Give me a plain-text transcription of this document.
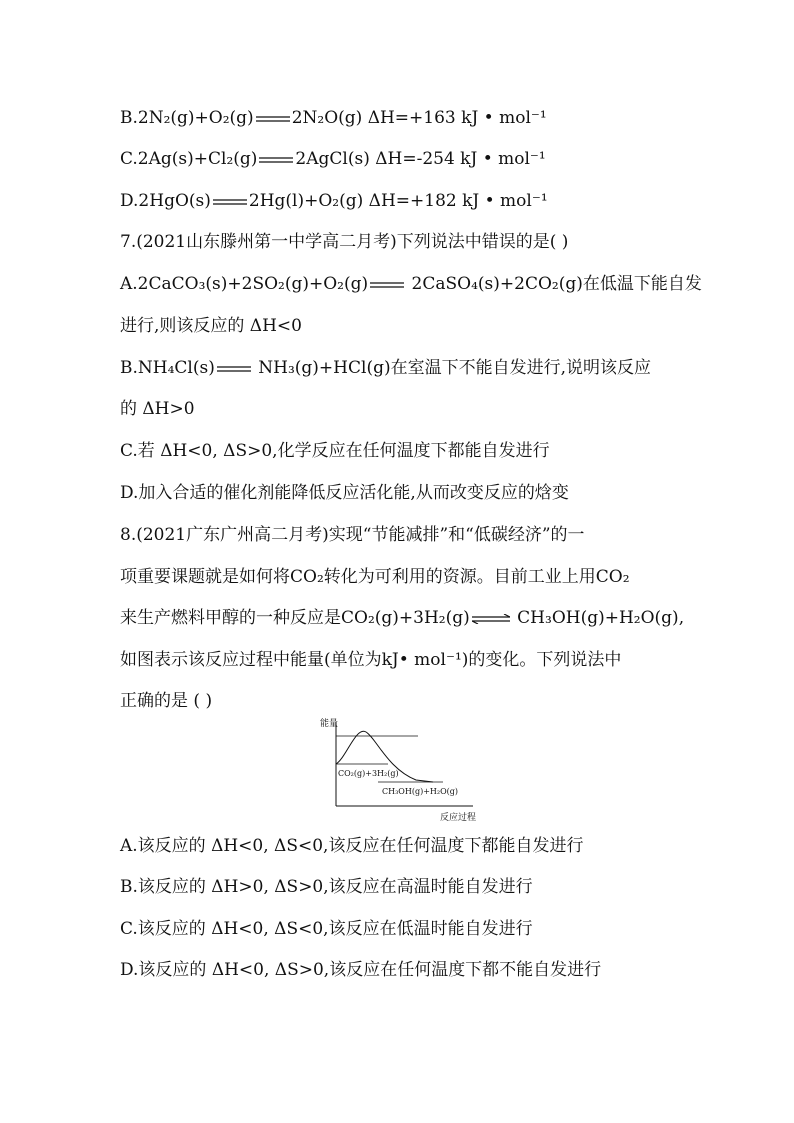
B.2N₂(g)+O₂(g) 2N₂O(g) ΔH=+163 kJ • mol⁻¹
C.2Ag(s)+Cl₂(g) 2AgCl(s) ΔH=-254 kJ • mol⁻¹
D.2HgO(s) 2Hg(l)+O₂(g) ΔH=+182 kJ • mol⁻¹
7.(2021山东滕州第一中学高二月考)下列说法中错误的是( )
A.2CaCO₃(s)+2SO₂(g)+O₂(g) 2CaSO₄(s)+2CO₂(g)在低温下能自发
进行,则该反应的 ΔH<0
B.NH₄Cl(s) NH₃(g)+HCl(g)在室温下不能自发进行,说明该反应
的 ΔH>0
C.若 ΔH<0, ΔS>0,化学反应在任何温度下都能自发进行
D.加入合适的催化剂能降低反应活化能,从而改变反应的焓变
8.(2021广东广州高二月考)实现“节能减排”和“低碳经济”的一
项重要课题就是如何将CO₂转化为可利用的资源。目前工业上用CO₂
来生产燃料甲醇的一种反应是CO₂(g)+3H₂(g) ⇌ CH₃OH(g)+H₂O(g),
如图表示该反应过程中能量(单位为kJ• mol⁻¹)的变化。下列说法中
正确的是 ( )
能量
CO₂(g)+3H₂(g)
CH₃OH(g)+H₂O(g)
反应过程
A.该反应的 ΔH<0, ΔS<0,该反应在任何温度下都能自发进行
B.该反应的 ΔH>0, ΔS>0,该反应在高温时能自发进行
C.该反应的 ΔH<0, ΔS<0,该反应在低温时能自发进行
D.该反应的 ΔH<0, ΔS>0,该反应在任何温度下都不能自发进行
